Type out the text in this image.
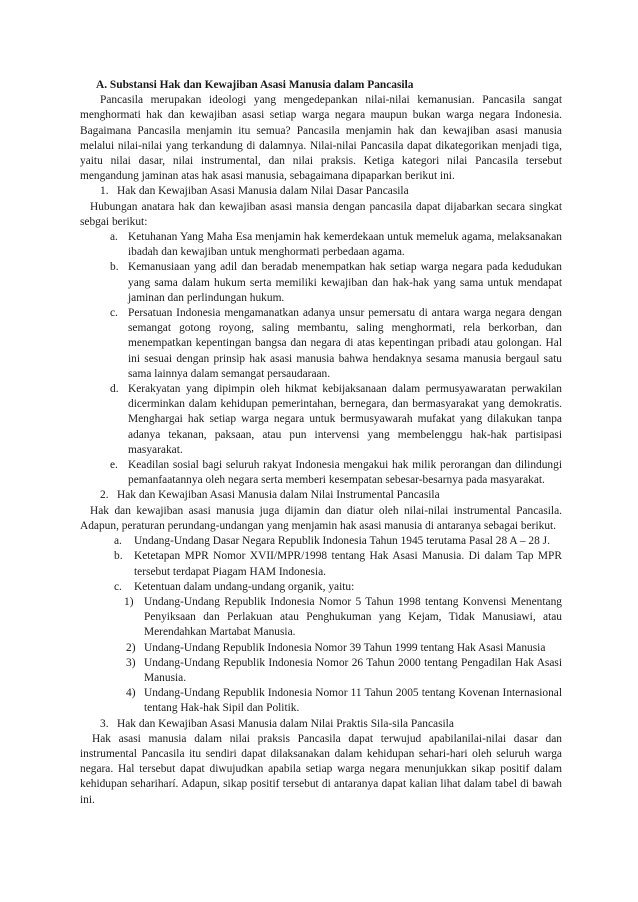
A. Substansi Hak dan Kewajiban Asasi Manusia dalam Pancasila

Pancasila merupakan ideologi yang mengedepankan nilai-nilai kemanusian. Pancasila sangat menghormati hak dan kewajiban asasi setiap warga negara maupun bukan warga negara Indonesia. Bagaimana Pancasila menjamin itu semua? Pancasila menjamin hak dan kewajiban asasi manusia melalui nilai-nilai yang terkandung di dalamnya. Nilai-nilai Pancasila dapat dikategorikan menjadi tiga, yaitu nilai dasar, nilai instrumental, dan nilai praksis. Ketiga kategori nilai Pancasila tersebut mengandung jaminan atas hak asasi manusia, sebagaimana dipaparkan berikut ini.

1. Hak dan Kewajiban Asasi Manusia dalam Nilai Dasar Pancasila

Hubungan anatara hak dan kewajiban asasi mansia dengan pancasila dapat dijabarkan secara singkat sebgai berikut:

a. Ketuhanan Yang Maha Esa menjamin hak kemerdekaan untuk memeluk agama, melaksanakan ibadah dan kewajiban untuk menghormati perbedaan agama.
b. Kemanusiaan yang adil dan beradab menempatkan hak setiap warga negara pada kedudukan yang sama dalam hukum serta memiliki kewajiban dan hak-hak yang sama untuk mendapat jaminan dan perlindungan hukum.
c. Persatuan Indonesia mengamanatkan adanya unsur pemersatu di antara warga negara dengan semangat gotong royong, saling membantu, saling menghormati, rela berkorban, dan menempatkan kepentingan bangsa dan negara di atas kepentingan pribadi atau golongan. Hal ini sesuai dengan prinsip hak asasi manusia bahwa hendaknya sesama manusia bergaul satu sama lainnya dalam semangat persaudaraan.
d. Kerakyatan yang dipimpin oleh hikmat kebijaksanaan dalam permusyawaratan perwakilan dicerminkan dalam kehidupan pemerintahan, bernegara, dan bermasyarakat yang demokratis. Menghargai hak setiap warga negara untuk bermusyawarah mufakat yang dilakukan tanpa adanya tekanan, paksaan, atau pun intervensi yang membelenggu hak-hak partisipasi masyarakat.
e. Keadilan sosial bagi seluruh rakyat Indonesia mengakui hak milik perorangan dan dilindungi pemanfaatannya oleh negara serta memberi kesempatan sebesar-besarnya pada masyarakat.
2. Hak dan Kewajiban Asasi Manusia dalam Nilai Instrumental Pancasila

Hak dan kewajiban asasi manusia juga dijamin dan diatur oleh nilai-nilai instrumental Pancasila. Adapun, peraturan perundang-undangan yang menjamin hak asasi manusia di antaranya sebagai berikut.

a.	Undang-Undang Dasar Negara Republik Indonesia Tahun 1945 terutama Pasal 28 A – 28 J.
b.	Ketetapan MPR Nomor XVII/MPR/1998 tentang Hak Asasi Manusia. Di dalam Tap MPR tersebut terdapat Piagam HAM Indonesia.
c.	Ketentuan dalam undang-undang organik, yaitu:
1) Undang-Undang Republik Indonesia Nomor 5 Tahun 1998 tentang Konvensi Menentang Penyiksaan dan Perlakuan atau Penghukuman yang Kejam, Tidak Manusiawi, atau Merendahkan Martabat Manusia.
2) Undang-Undang Republik Indonesia Nomor 39 Tahun 1999 tentang Hak Asasi Manusia
3) Undang-Undang Republik Indonesia Nomor 26 Tahun 2000 tentang Pengadilan Hak Asasi Manusia.
4) Undang-Undang Republik Indonesia Nomor 11 Tahun 2005 tentang Kovenan Internasional tentang Hak-hak Sipil dan Politik.
3. Hak dan Kewajiban Asasi Manusia dalam Nilai Praktis Sila-sila Pancasila

Hak asasi manusia dalam nilai praksis Pancasila dapat terwujud apabilanilai-nilai dasar dan instrumental Pancasila itu sendiri dapat dilaksanakan dalam kehidupan sehari-hari oleh seluruh warga negara. Hal tersebut dapat diwujudkan apabila setiap warga negara menunjukkan sikap positif dalam kehidupan sehariharí. Adapun, sikap positif tersebut di antaranya dapat kalian lihat dalam tabel di bawah ini.
